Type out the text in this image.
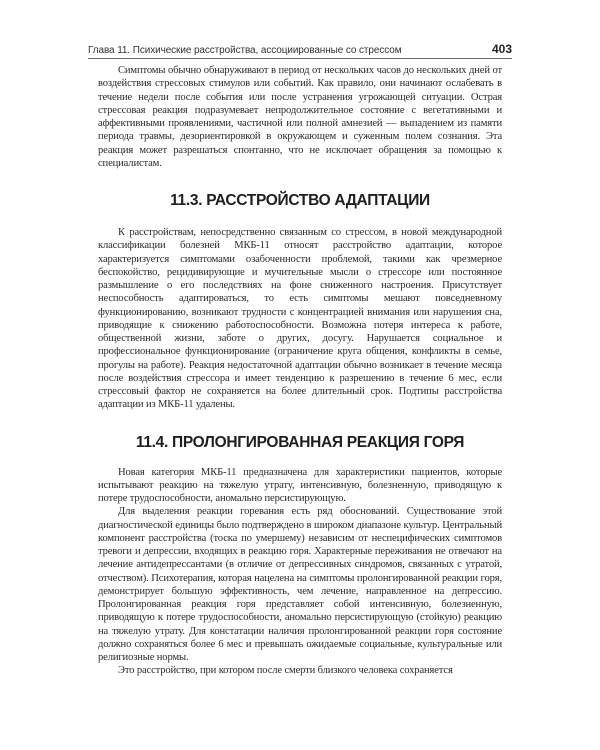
Глава 11. Психические расстройства, ассоциированные со стрессом	403

Симптомы обычно обнаруживают в период от нескольких часов до нескольких дней от воздействия стрессовых стимулов или событий. Как правило, они начинают ослабевать в течение недели после события или после устранения угрожающей ситуации. Острая стрессовая реакция подразумевает непродолжительное состояние с вегетативными и аффективными проявлениями, частичной или полной амнезией — выпадением из памяти периода травмы, дезориентировкой в окружающем и суженным полем сознания. Эта реакция может разрешаться спонтанно, что не исключает обращения за помощью к специалистам.

11.3. РАССТРОЙСТВО АДАПТАЦИИ

К расстройствам, непосредственно связанным со стрессом, в новой международной классификации болезней МКБ-11 относят расстройство адаптации, которое характеризуется симптомами озабоченности проблемой, такими как чрезмерное беспокойство, рецидивирующие и мучительные мысли о стрессоре или постоянное размышление о его последствиях на фоне сниженного настроения. Присутствует неспособность адаптироваться, то есть симптомы мешают повседневному функционированию, возникают трудности с концентрацией внимания или нарушения сна, приводящие к снижению работоспособности. Возможна потеря интереса к работе, общественной жизни, заботе о других, досугу. Нарушается социальное и профессиональное функционирование (ограничение круга общения, конфликты в семье, прогулы на работе). Реакция недостаточной адаптации обычно возникает в течение месяца после воздействия стрессора и имеет тенденцию к разрешению в течение 6 мес, если стрессовый фактор не сохраняется на более длительный срок. Подтипы расстройства адаптации из МКБ-11 удалены.

11.4. ПРОЛОНГИРОВАННАЯ РЕАКЦИЯ ГОРЯ

Новая категория МКБ-11 предназначена для характеристики пациентов, которые испытывают реакцию на тяжелую утрату, интенсивную, болезненную, приводящую к потере трудоспособности, аномально персистирующую.

Для выделения реакции горевания есть ряд обоснований. Существование этой диагностической единицы было подтверждено в широком диапазоне культур. Центральный компонент расстройства (тоска по умершему) независим от неспецифических симптомов тревоги и депрессии, входящих в реакцию горя. Характерные переживания не отвечают на лечение антидепрессантами (в отличие от депрессивных синдромов, связанных с утратой, отчеством). Психотерапия, которая нацелена на симптомы пролонгированной реакции горя, демонстрирует большую эффективность, чем лечение, направленное на депрессию. Пролонгированная реакция горя представляет собой интенсивную, болезненную, приводящую к потере трудоспособности, аномально персистирующую (стойкую) реакцию на тяжелую утрату. Для констатации наличия пролонгированной реакции горя состояние должно сохраняться более 6 мес и превышать ожидаемые социальные, культуральные или религиозные нормы.

Это расстройство, при котором после смерти близкого человека сохраняется
